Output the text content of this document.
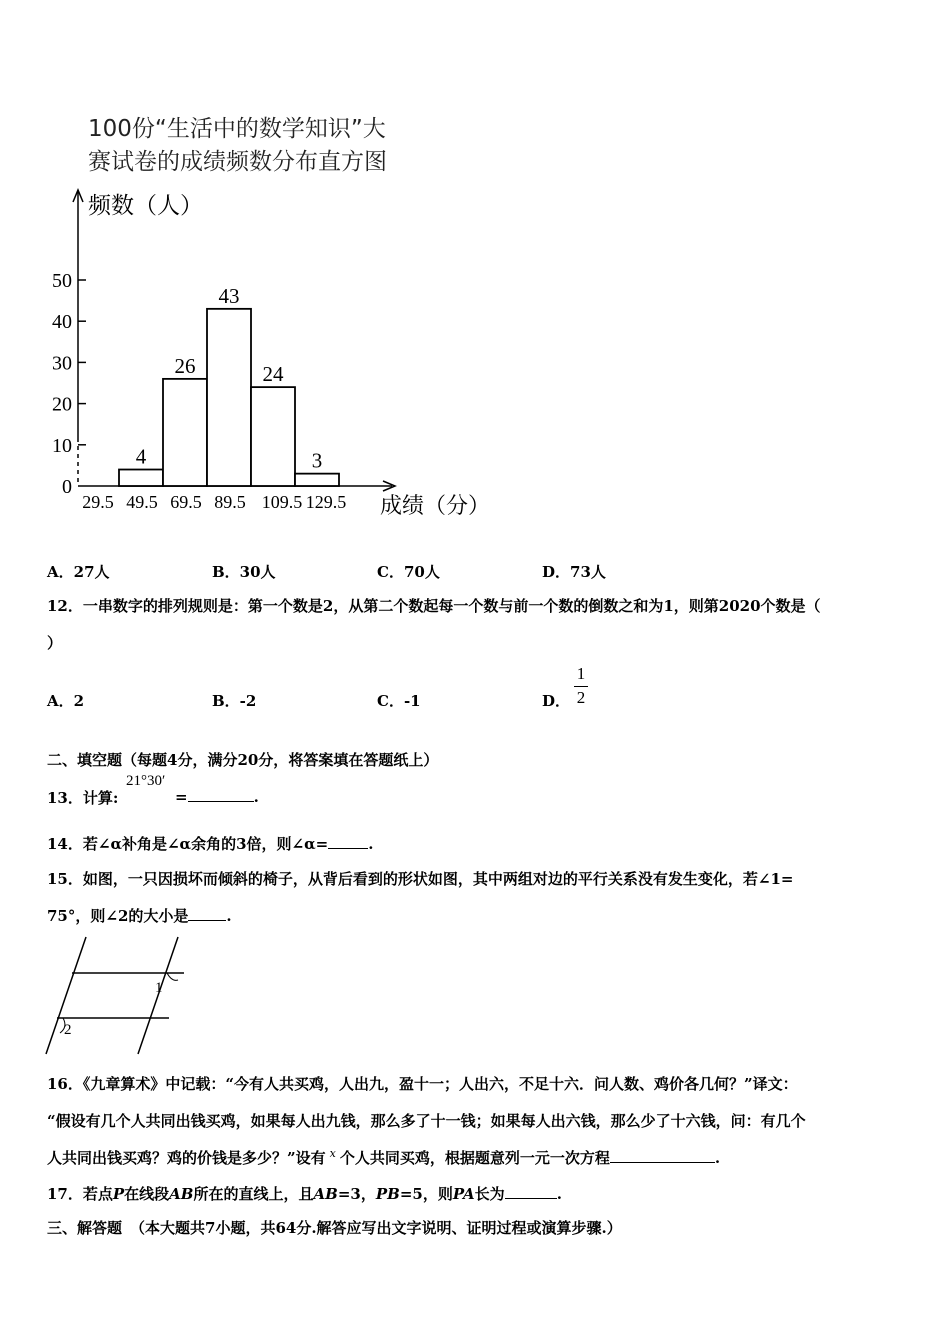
100份“生活中的数学知识”大
赛试卷的成绩频数分布直方图
0
10
20
30
40
50
29.5 49.5 69.5 89.5 109.5 129.5
4
26
43
24
3
频数（人）
成绩（分）
A．27人	B．30人	C．70人	D．73人
12．一串数字的排列规则是：第一个数是2，从第二个数起每一个数与前一个数的倒数之和为1，则第2020个数是（
）
A．2	B．-2	C．-1	D．
1
2
二、填空题（每题4分，满分20分，将答案填在答题纸上）
13．计算:
21°30′
=	.
14．若∠α补角是∠α余角的3倍，则∠α=	.
15．如图，一只因损坏而倾斜的椅子，从背后看到的形状如图，其中两组对边的平行关系没有发生变化，若∠1=
75°，则∠2的大小是	.
1
2
16．《九章算术》中记载：“今有人共买鸡，人出九，盈十一；人出六，不足十六．问人数、鸡价各几何？”译文：
“假设有几个人共同出钱买鸡，如果每人出九钱，那么多了十一钱；如果每人出六钱，那么少了十六钱，问：有几个
人共同出钱买鸡？鸡的价钱是多少？”设有 $^x$ 个人共同买鸡，根据题意列一元一次方程	.
17．若点P在线段AB所在的直线上，且AB=3，PB=5，则PA长为	.
三、解答题 （本大题共7小题，共64分.解答应写出文字说明、证明过程或演算步骤.）
